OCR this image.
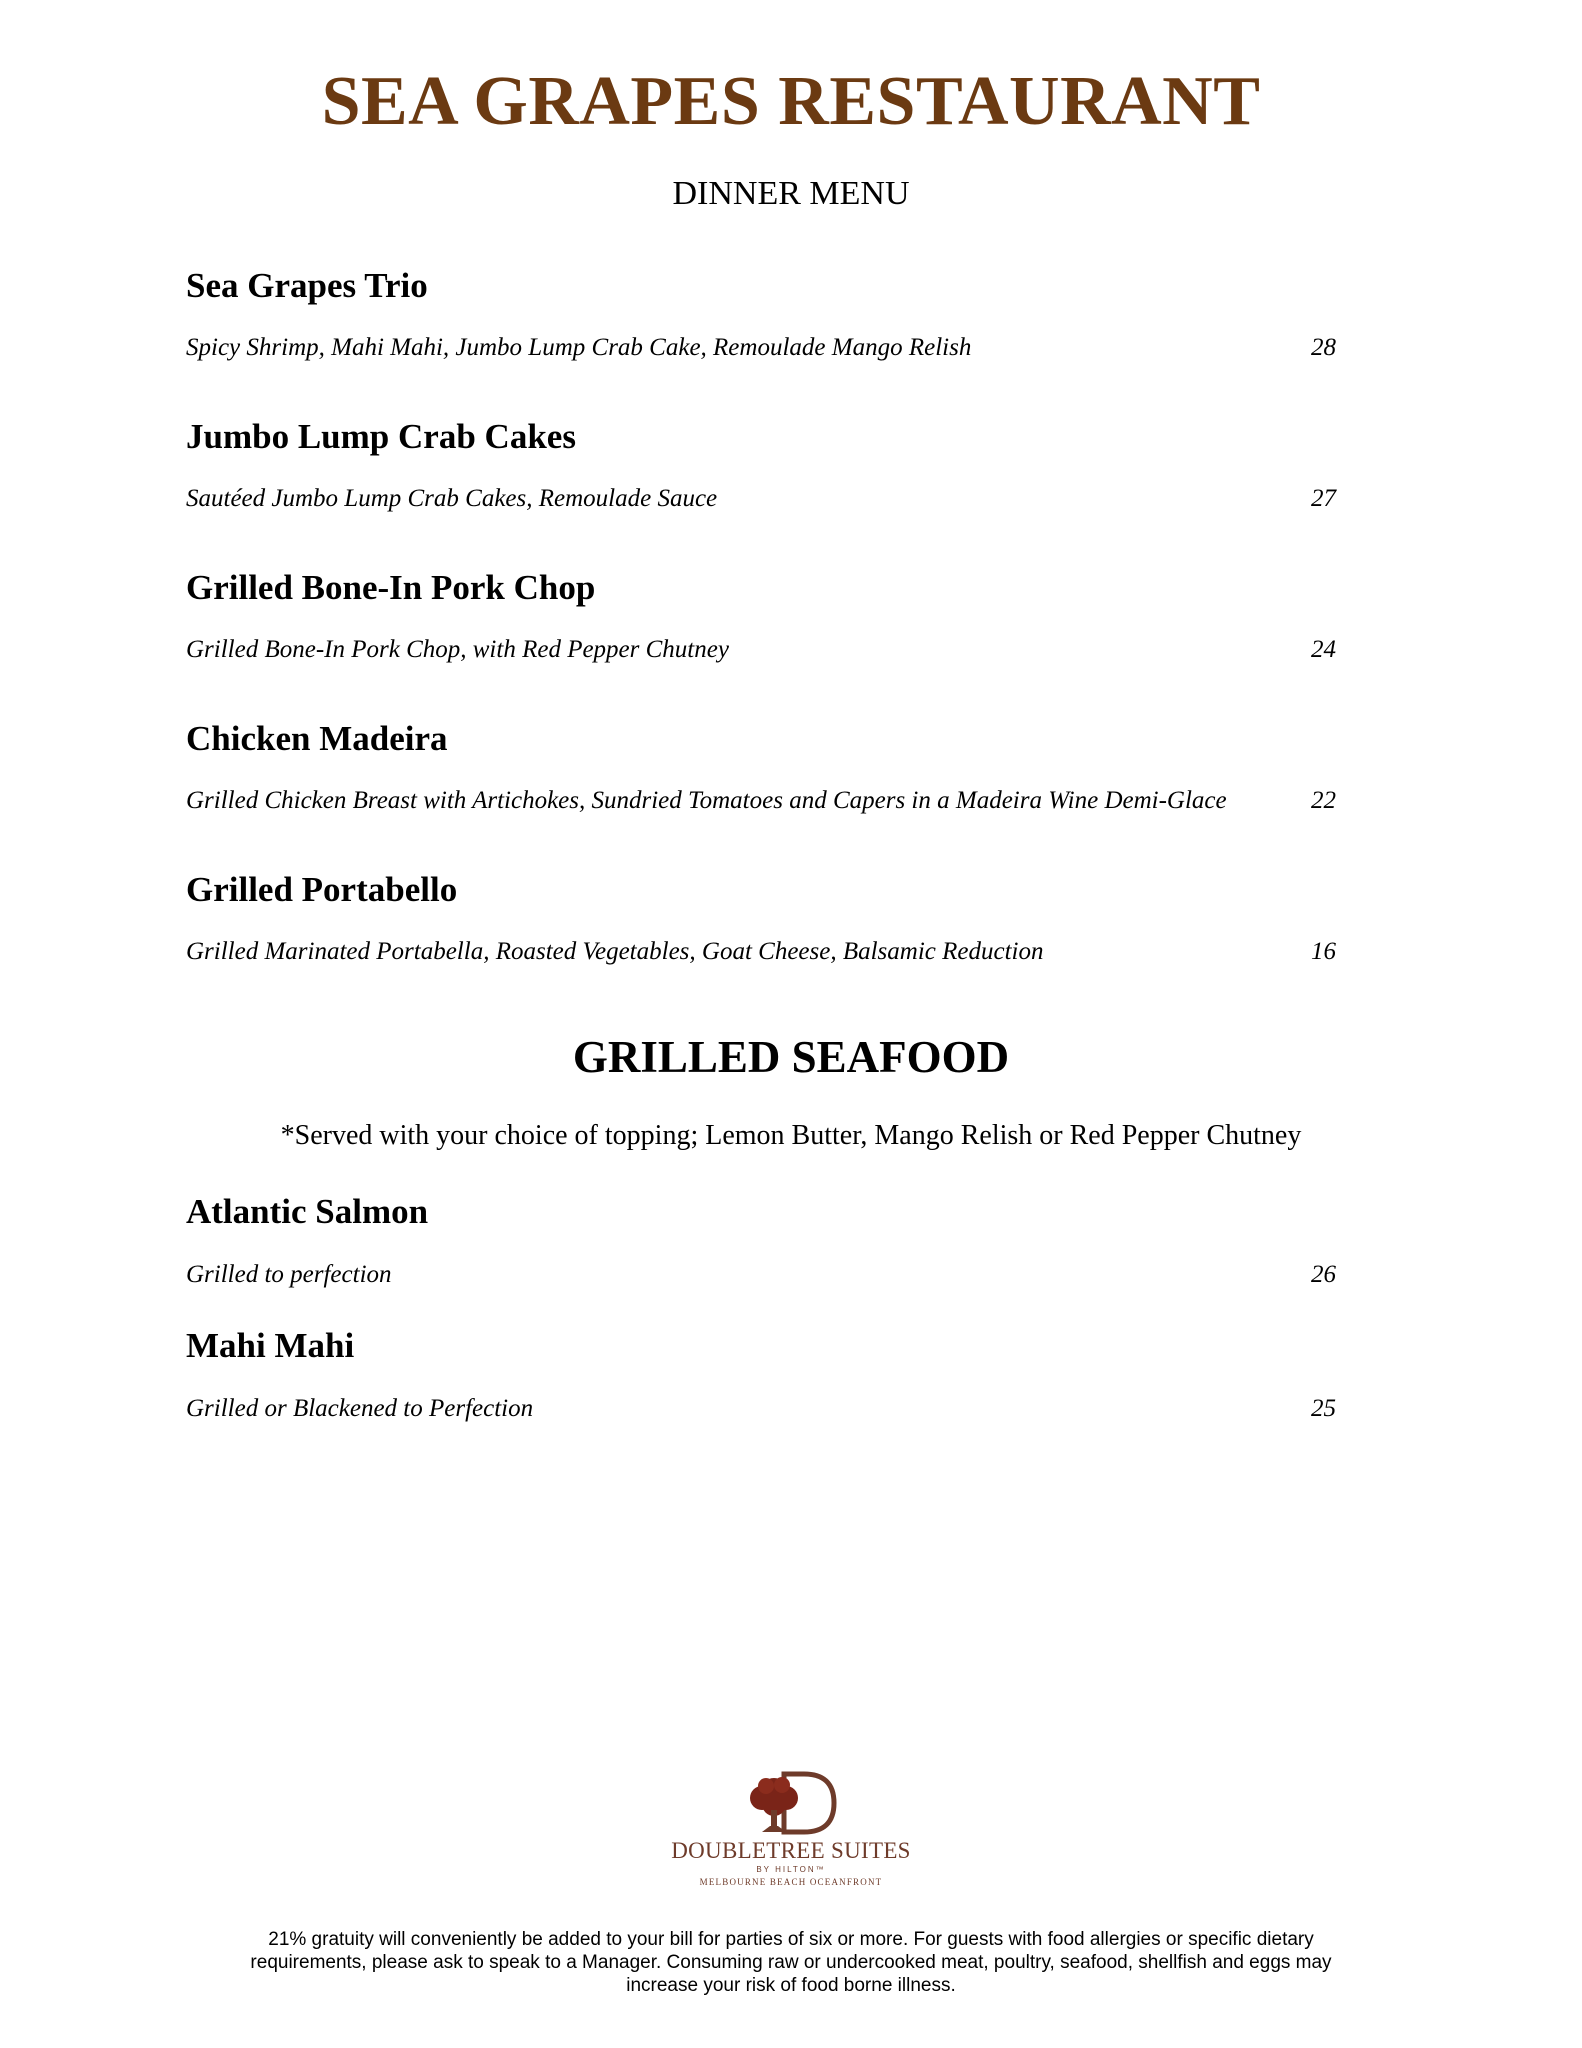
SEA GRAPES RESTAURANT
DINNER MENU
Sea Grapes Trio
Spicy Shrimp, Mahi Mahi, Jumbo Lump Crab Cake, Remoulade Mango Relish	28
Jumbo Lump Crab Cakes
Sautéed Jumbo Lump Crab Cakes, Remoulade Sauce	27
Grilled Bone-In Pork Chop
Grilled Bone-In Pork Chop, with Red Pepper Chutney	24
Chicken Madeira
Grilled Chicken Breast with Artichokes, Sundried Tomatoes and Capers in a Madeira Wine Demi-Glace	22
Grilled Portabello
Grilled Marinated Portabella, Roasted Vegetables, Goat Cheese, Balsamic Reduction	16
GRILLED SEAFOOD
*Served with your choice of topping; Lemon Butter, Mango Relish or Red Pepper Chutney
Atlantic Salmon
Grilled to perfection	26
Mahi Mahi
Grilled or Blackened to Perfection	25
DOUBLETREE SUITES
BY HILTON™
MELBOURNE BEACH OCEANFRONT
21% gratuity will conveniently be added to your bill for parties of six or more. For guests with food allergies or specific dietary
requirements, please ask to speak to a Manager. Consuming raw or undercooked meat, poultry, seafood, shellfish and eggs may
increase your risk of food borne illness.
